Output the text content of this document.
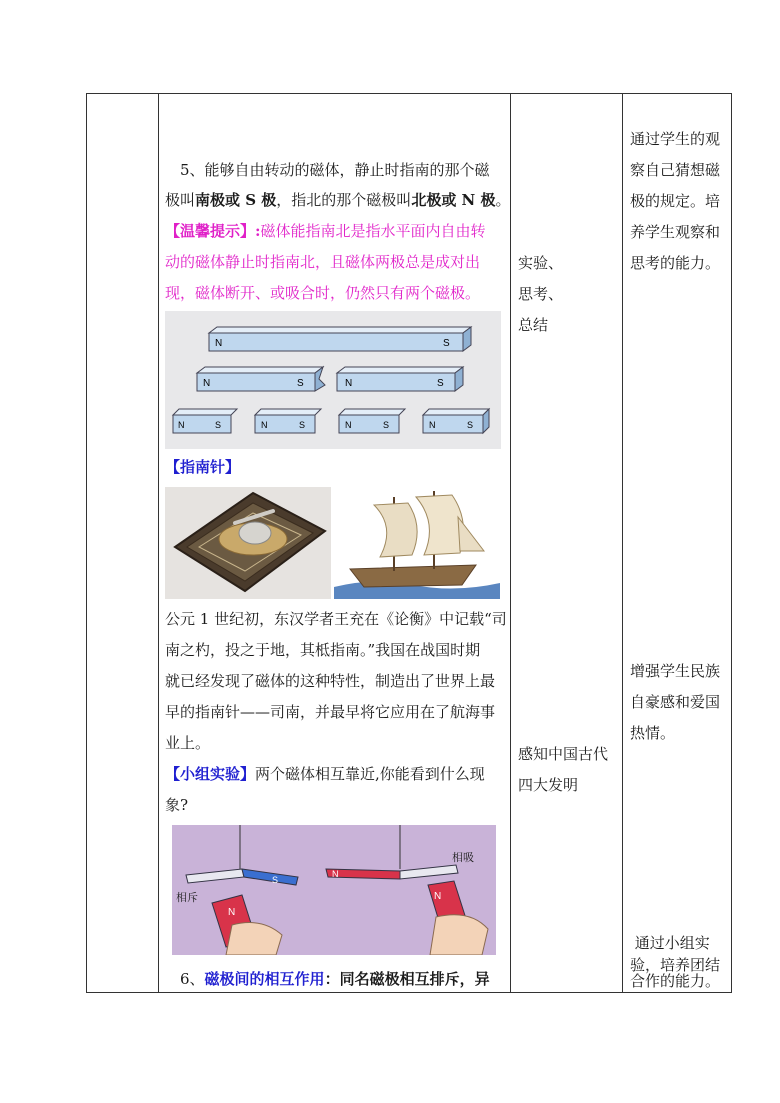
5、能够自由转动的磁体，静止时指南的那个磁
极叫南极或 S 极，指北的那个磁极叫北极或 N 极。
【温馨提示】:磁体能指南北是指水平面内自由转
动的磁体静止时指南北，且磁体两极总是成对出
现，磁体断开、或吸合时，仍然只有两个磁极。
N	S
N	S	N	S
N	S	N	S	N	S	N	S
【指南针】
公元 1 世纪初，东汉学者王充在《论衡》中记载“司
南之杓，投之于地，其柢指南。”我国在战国时期
就已经发现了磁体的这种特性，制造出了世界上最
早的指南针——司南，并最早将它应用在了航海事
业上。
【小组实验】两个磁体相互靠近,你能看到什么现
象?
S
相斥
N
N
相吸
N
6、磁极间的相互作用：同名磁极相互排斥，异
实验、
思考、
总结
感知中国古代
四大发明
通过学生的观
察自己猜想磁
极的规定。培
养学生观察和
思考的能力。
增强学生民族
自豪感和爱国
热情。
通过小组实
验，培养团结
合作的能力。
